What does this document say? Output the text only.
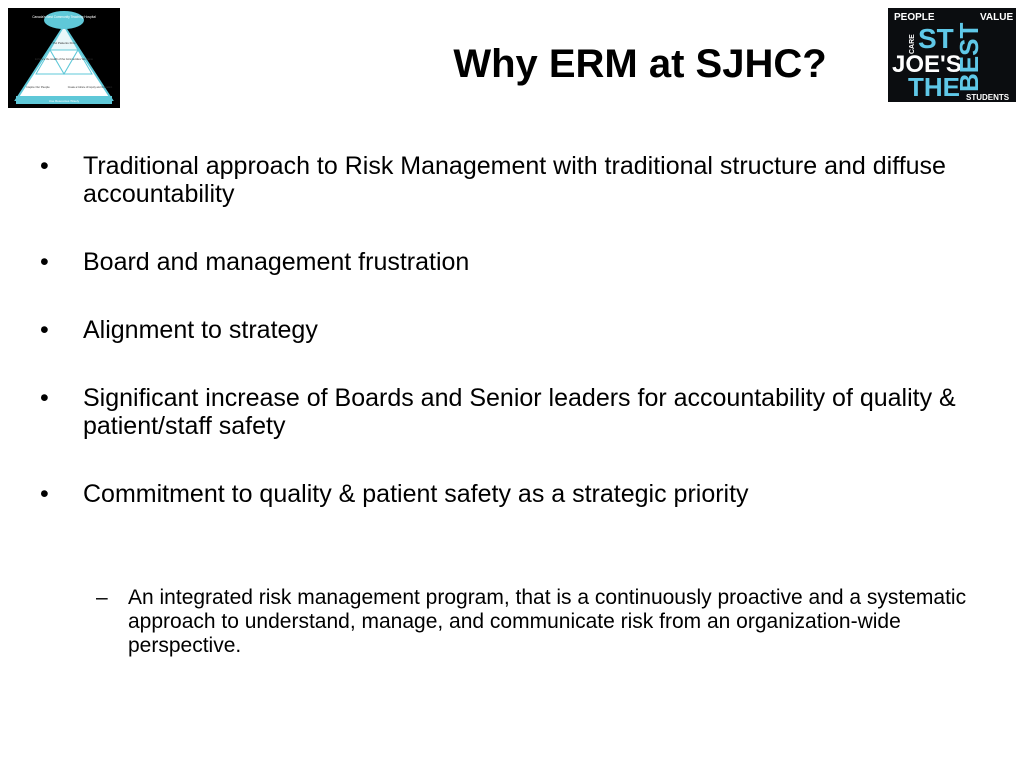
Canada's Best Community Teaching Hospital
Put Patients First
Enhance the Health of the Communities We Serve
Inspire Our People	Create a Culture of Inquiry and Innovation
Use Resources Wisely
Why ERM at SJHC?
PEOPLE	VALUE
CARE ST
JOE'S
BEST
THE STUDENTS
•	Traditional approach to Risk Management with traditional structure and diffuse accountability
•	Board and management frustration
•	Alignment to strategy
•	Significant increase of Boards and Senior leaders for accountability of quality & patient/staff safety
•	Commitment to quality & patient safety as a strategic priority
– An integrated risk management program, that is a continuously proactive and a systematic approach to understand, manage, and communicate risk from an organization-wide perspective.
